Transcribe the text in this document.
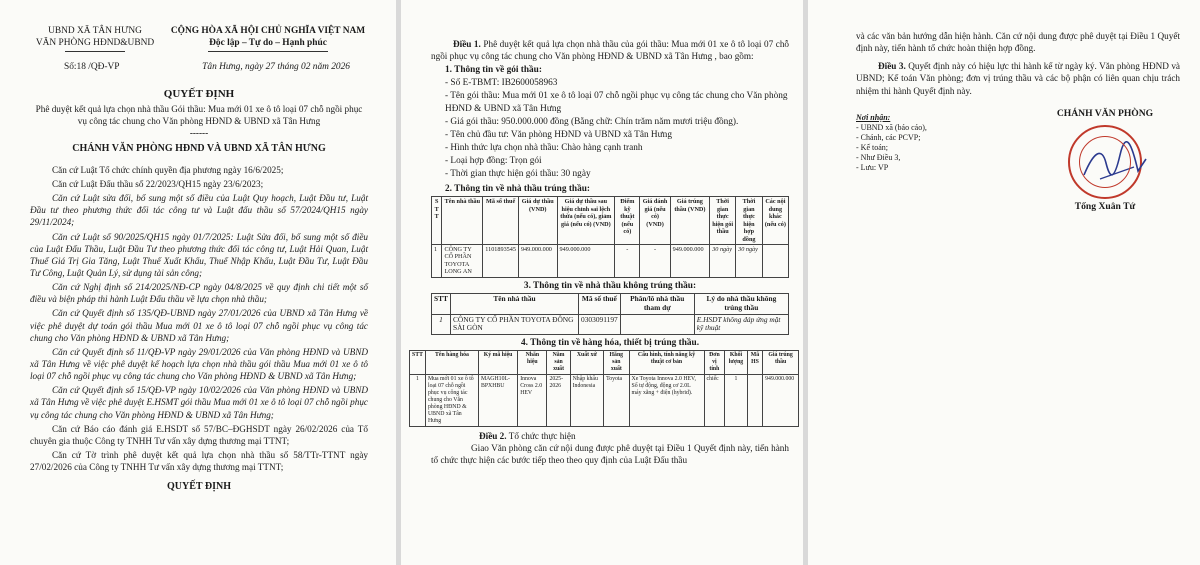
UBND XÃ TÂN HƯNG
VĂN PHÒNG HĐND&UBND
CỘNG HÒA XÃ HỘI CHỦ NGHĨA VIỆT NAM
Độc lập – Tự do – Hạnh phúc
Số:18 /QĐ-VP	Tân Hưng, ngày 27 tháng 02 năm 2026
QUYẾT ĐỊNH
Phê duyệt kết quả lựa chọn nhà thầu Gói thầu: Mua mới 01 xe ô tô loại 07 chỗ ngồi phục vụ công tác chung cho Văn phòng HĐND & UBND xã Tân Hưng
------
CHÁNH VĂN PHÒNG HĐND VÀ UBND XÃ TÂN HƯNG

Căn cứ Luật Tổ chức chính quyền địa phương ngày 16/6/2025;

Căn cứ Luật Đấu thầu số 22/2023/QH15 ngày 23/6/2023;

Căn cứ Luật sửa đổi, bổ sung một số điều của Luật Quy hoạch, Luật Đầu tư, Luật Đầu tư theo phương thức đối tác công tư và Luật đấu thầu số 57/2024/QH15 ngày 29/11/2024;

Căn cứ Luật số 90/2025/QH15 ngày 01/7/2025: Luật Sửa đổi, bổ sung một số điều của Luật Đấu Thầu, Luật Đầu Tư theo phương thức đối tác công tư, Luật Hải Quan, Luật Thuế Giá Trị Gia Tăng, Luật Thuế Xuất Khẩu, Thuế Nhập Khẩu, Luật Đầu Tư, Luật Đầu Tư Công, Luật Quản Lý, sử dụng tài sản công;

Căn cứ Nghị định số 214/2025/NĐ-CP ngày 04/8/2025 về quy định chi tiết một số điều và biện pháp thi hành Luật Đấu thầu về lựa chọn nhà thầu;

Căn cứ Quyết định số 135/QĐ-UBND ngày 27/01/2026 của UBND xã Tân Hưng về việc phê duyệt dự toán gói thầu Mua mới 01 xe ô tô loại 07 chỗ ngồi phục vụ công tác chung cho Văn phòng HĐND & UBND xã Tân Hưng;

Căn cứ Quyết định số 11/QĐ-VP ngày 29/01/2026 của Văn phòng HĐND và UBND xã Tân Hưng về việc phê duyệt kế hoạch lựa chọn nhà thầu gói thầu Mua mới 01 xe ô tô loại 07 chỗ ngồi phục vụ công tác chung cho Văn phòng HĐND & UBND xã Tân Hưng;

Căn cứ Quyết định số 15/QĐ-VP ngày 10/02/2026 của Văn phòng HĐND và UBND xã Tân Hưng về việc phê duyệt E.HSMT gói thầu Mua mới 01 xe ô tô loại 07 chỗ ngồi phục vụ công tác chung cho Văn phòng HĐND & UBND xã Tân Hưng;

Căn cứ Báo cáo đánh giá E.HSDT số 57/BC–ĐGHSDT ngày 26/02/2026 của Tổ chuyên gia thuộc Công ty TNHH Tư vấn xây dựng thương mại TTNT;

Căn cứ Tờ trình phê duyệt kết quả lựa chọn nhà thầu số 58/TTr-TTNT ngày 27/02/2026 của Công ty TNHH Tư vấn xây dựng thương mại TTNT;

QUYẾT ĐỊNH

Điều 1. Phê duyệt kết quả lựa chọn nhà thầu của gói thầu: Mua mới 01 xe ô tô loại 07 chỗ ngồi phục vụ công tác chung cho Văn phòng HĐND & UBND xã Tân Hưng , bao gồm:

1. Thông tin về gói thầu:
- Số E-TBMT: IB2600058963
- Tên gói thầu: Mua mới 01 xe ô tô loại 07 chỗ ngồi phục vụ công tác chung cho Văn phòng HĐND & UBND xã Tân Hưng
- Giá gói thầu: 950.000.000 đồng (Bằng chữ: Chín trăm năm mươi triệu đồng).
- Tên chủ đầu tư: Văn phòng HĐND và UBND xã Tân Hưng
- Hình thức lựa chọn nhà thầu: Chào hàng cạnh tranh
- Loại hợp đồng: Trọn gói
- Thời gian thực hiện gói thầu: 30 ngày
2. Thông tin về nhà thầu trúng thầu:
S T T	Tên nhà thầu	Mã số thuế	Giá dự thầu (VND)	Giá dự thầu sau hiệu chỉnh sai lệch thừa (nếu có), giảm giá (nếu có) (VND)	Điểm kỹ thuật (nếu có)	Giá đánh giá (nếu có) (VND)	Giá trúng thầu (VND)	Thời gian thực hiện gói thầu	Thời gian thực hiện hợp đồng	Các nội dung khác (nếu có)
1	CÔNG TY CỔ PHẦN TOYOTA LONG AN	1101893545	949.000.000	949.000.000	-	-	949.000.000	30 ngày	30 ngày	
3. Thông tin về nhà thầu không trúng thầu:
STT	Tên nhà thầu	Mã số thuế	Phân/lô nhà thầu tham dự	Lý do nhà thầu không trúng thầu
1	CÔNG TY CỔ PHẦN TOYOTA ĐÔNG SÀI GÒN	0303091197		E.HSDT không đáp ứng mặt kỹ thuật
4. Thông tin về hàng hóa, thiết bị trúng thầu.
STT	Tên hàng hóa	Ký mã hiệu	Nhãn hiệu	Năm sản xuất	Xuất xứ	Hãng sản xuất	Cấu hình, tính năng kỹ thuật cơ bản	Đơn vị tính	Khối lượng	Mã HS	Giá trúng thầu
1	Mua mới 01 xe ô tô loại 07 chỗ ngồi phục vụ công tác chung cho Văn phòng HĐND & UBND xã Tân Hưng	MAGH10L-BPXHBU	Innova Cross 2.0 HEV	2025-2026	Nhập khẩu Indonesia	Toyota	Xe Toyota Innova 2.0 HEV, Số tự động, động cơ 2.0L máy xăng + điện (hybrid).	chiếc	1		949.000.000

Điều 2. Tổ chức thực hiện

Giao Văn phòng căn cứ nội dung được phê duyệt tại Điều 1 Quyết định này, tiến hành tổ chức thực hiện các bước tiếp theo theo quy định của Luật Đấu thầu

và các văn bản hướng dẫn hiện hành. Căn cứ nội dung được phê duyệt tại Điều 1 Quyết định này, tiến hành tổ chức hoàn thiện hợp đồng.

Điều 3. Quyết định này có hiệu lực thi hành kể từ ngày ký. Văn phòng HĐND và UBND; Kế toán Văn phòng; đơn vị trúng thầu và các bộ phận có liên quan chịu trách nhiệm thi hành Quyết định này.

Nơi nhận:
- UBND xã (báo cáo),
- Chánh, các PCVP;
- Kế toán;
- Như Điều 3,
- Lưu: VP
CHÁNH VĂN PHÒNG
Tống Xuân Tứ
